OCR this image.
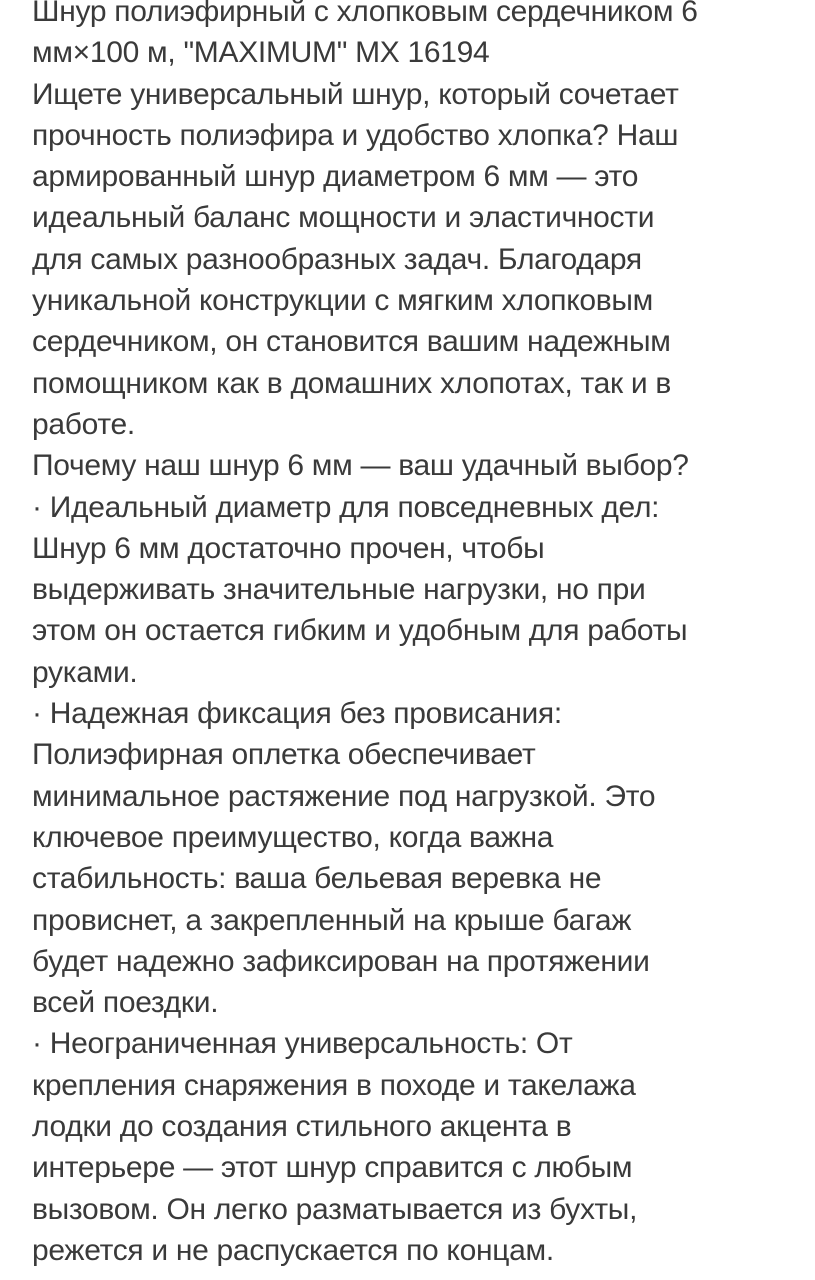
Шнур полиэфирный с хлопковым сердечником 6
мм×100 м, "MAXIMUM" MX 16194
Ищете универсальный шнур, который сочетает
прочность полиэфира и удобство хлопка? Наш
армированный шнур диаметром 6 мм — это
идеальный баланс мощности и эластичности
для самых разнообразных задач. Благодаря
уникальной конструкции с мягким хлопковым
сердечником, он становится вашим надежным
помощником как в домашних хлопотах, так и в
работе.
Почему наш шнур 6 мм — ваш удачный выбор?
· Идеальный диаметр для повседневных дел:
Шнур 6 мм достаточно прочен, чтобы
выдерживать значительные нагрузки, но при
этом он остается гибким и удобным для работы
руками.
· Надежная фиксация без провисания:
Полиэфирная оплетка обеспечивает
минимальное растяжение под нагрузкой. Это
ключевое преимущество, когда важна
стабильность: ваша бельевая веревка не
провиснет, а закрепленный на крыше багаж
будет надежно зафиксирован на протяжении
всей поездки.
· Неограниченная универсальность: От
крепления снаряжения в походе и такелажа
лодки до создания стильного акцента в
интерьере — этот шнур справится с любым
вызовом. Он легко разматывается из бухты,
режется и не распускается по концам.
